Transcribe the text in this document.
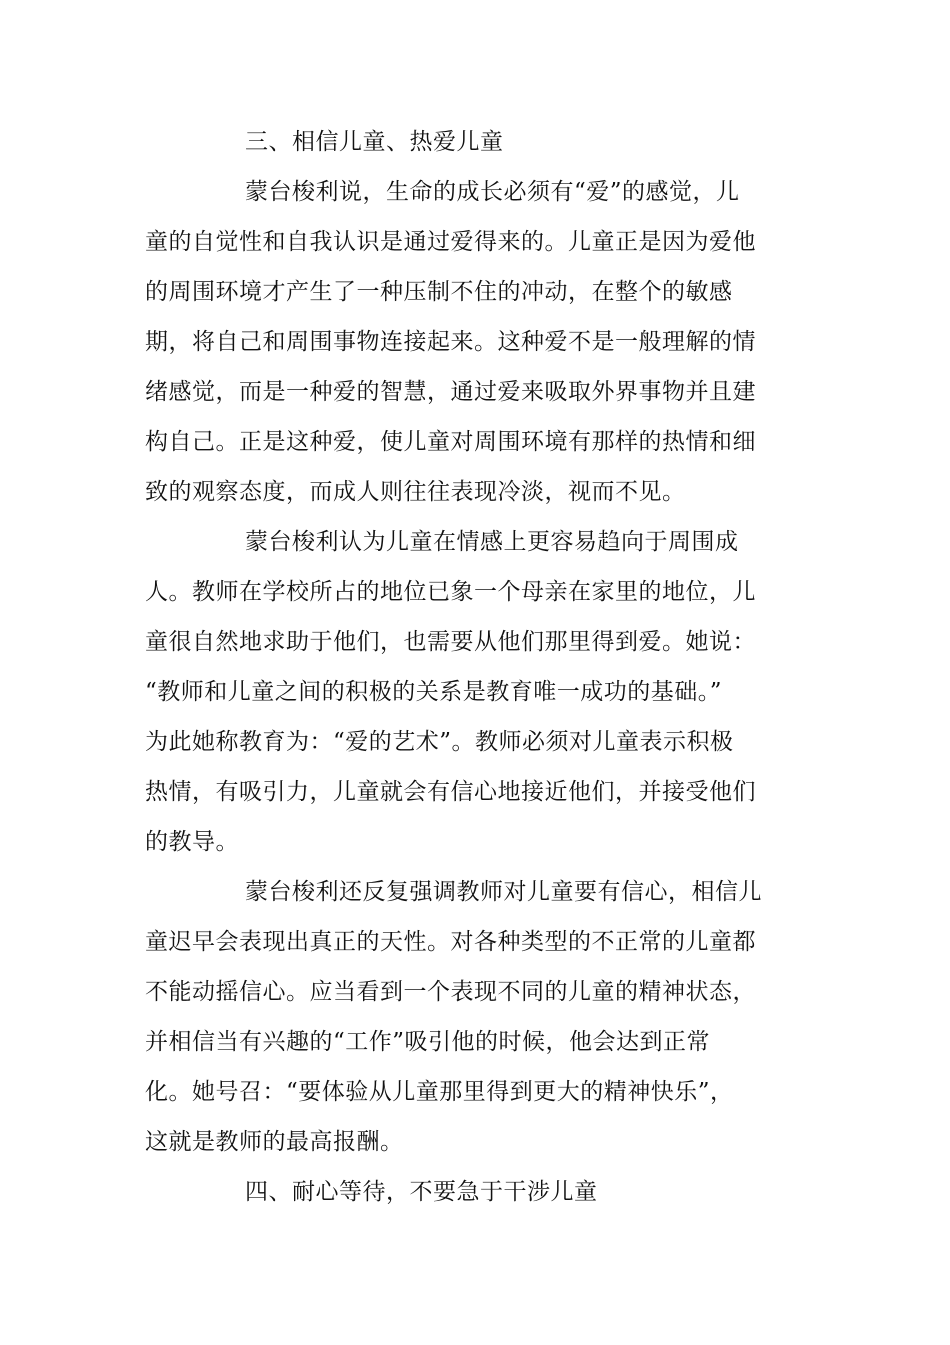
三、相信儿童、热爱儿童
蒙台梭利说，生命的成长必须有“爱”的感觉，儿
童的自觉性和自我认识是通过爱得来的。儿童正是因为爱他
的周围环境才产生了一种压制不住的冲动，在整个的敏感
期，将自己和周围事物连接起来。这种爱不是一般理解的情
绪感觉，而是一种爱的智慧，通过爱来吸取外界事物并且建
构自己。正是这种爱，使儿童对周围环境有那样的热情和细
致的观察态度，而成人则往往表现冷淡，视而不见。
蒙台梭利认为儿童在情感上更容易趋向于周围成
人。教师在学校所占的地位已象一个母亲在家里的地位，儿
童很自然地求助于他们，也需要从他们那里得到爱。她说：
“教师和儿童之间的积极的关系是教育唯一成功的基础。”
为此她称教育为：“爱的艺术”。教师必须对儿童表示积极
热情，有吸引力，儿童就会有信心地接近他们，并接受他们
的教导。
蒙台梭利还反复强调教师对儿童要有信心，相信儿
童迟早会表现出真正的天性。对各种类型的不正常的儿童都
不能动摇信心。应当看到一个表现不同的儿童的精神状态，
并相信当有兴趣的“工作”吸引他的时候，他会达到正常
化。她号召：“要体验从儿童那里得到更大的精神快乐”，
这就是教师的最高报酬。
四、耐心等待，不要急于干涉儿童
